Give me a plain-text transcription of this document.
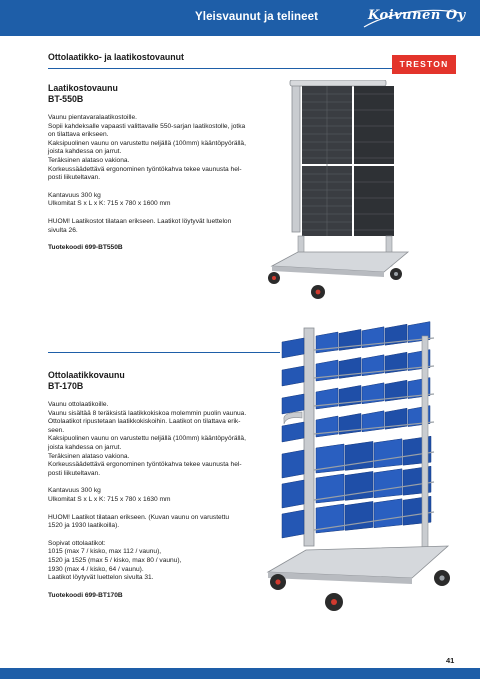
Yleisvaunut ja telineet	Koivunen Oy
Ottolaatikko- ja laatikostovaunut
TRESTON

Laatikostovaunu

BT-550B

Vaunu pientavaralaatikostoille.

Sopii kahdeksalle vapaasti valittavalle 550-sarjan laatikostolle, jotka

on tilattava erikseen.

Kaksipuolinen vaunu on varustettu neljällä (100mm) kääntöpyörällä,

joista kahdessa on jarrut.

Teräksinen alataso vakiona.

Korkeussäädettävä ergonominen työntökahva tekee vaunusta hel-

posti liikuteltavan.

Kantavuus 300 kg

Ulkomitat S x L x K: 715 x 780 x 1600 mm

HUOM! Laatikostot tilataan erikseen. Laatikot löytyvät luettelon

sivulta 26.

Tuotekoodi 699-BT550B

Ottolaatikkovaunu

BT-170B

Vaunu ottolaatikoille.

Vaunu sisältää 8 teräksistä laatikkokiskoa molemmin puolin vaunua.

Ottolaatikot ripustetaan laatikkokiskoihin. Laatikot on tilattava erik-

seen.

Kaksipuolinen vaunu on varustettu neljällä (100mm) kääntöpyörällä,

joista kahdessa on jarrut.

Teräksinen alataso vakiona.

Korkeussäädettävä ergonominen työntökahva tekee vaunusta hel-

posti liikuteltavan.

Kantavuus 300 kg

Ulkomitat S x L x K: 715 x 780 x 1630 mm

HUOM! Laatikot tilataan erikseen. (Kuvan vaunu on varustettu

1520 ja 1930 laatikoilla).

Sopivat ottolaatikot:

1015 (max 7 / kisko, max 112 / vaunu),

1520 ja 1525 (max 5 / kisko, max 80 / vaunu),

1930 (max 4 / kisko, 64 / vaunu).

Laatikot löytyvät luettelon sivulta 31.

Tuotekoodi 699-BT170B

41
